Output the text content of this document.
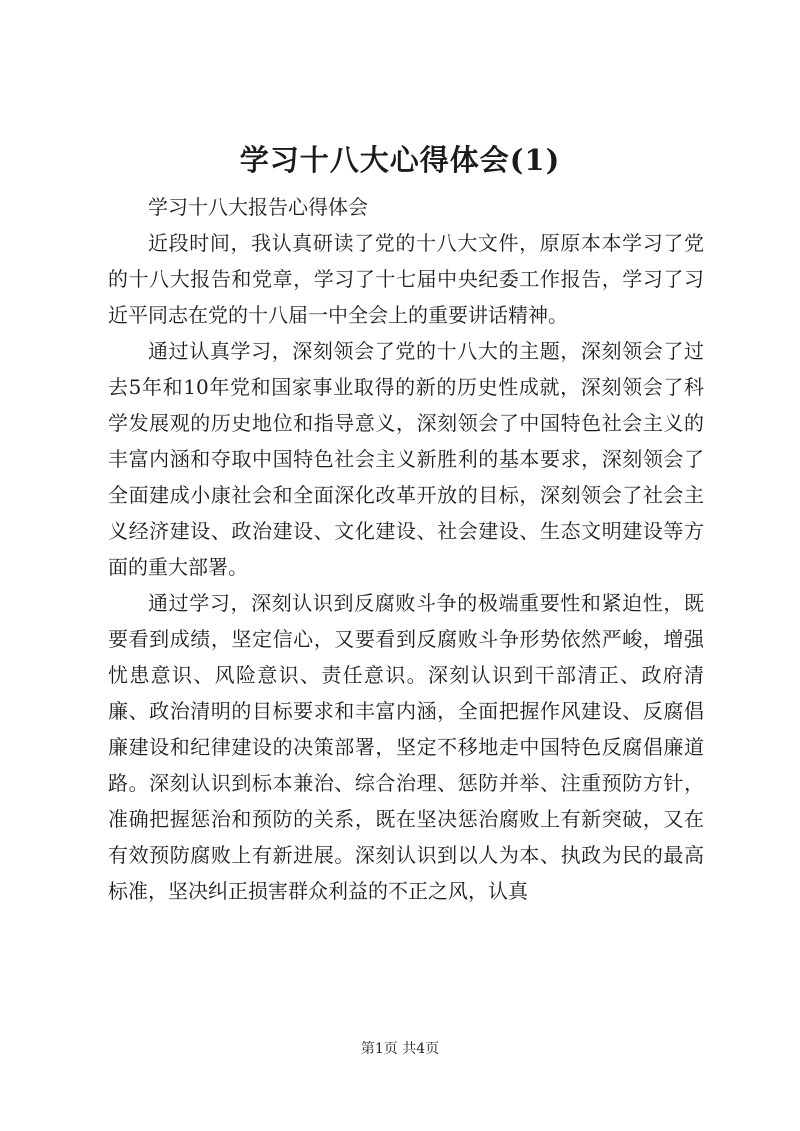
学习十八大心得体会(1)

学习十八大报告心得体会

近段时间，我认真研读了党的十八大文件，原原本本学习了党的十八大报告和党章，学习了十七届中央纪委工作报告，学习了习近平同志在党的十八届一中全会上的重要讲话精神。

通过认真学习，深刻领会了党的十八大的主题，深刻领会了过去5年和10年党和国家事业取得的新的历史性成就，深刻领会了科学发展观的历史地位和指导意义，深刻领会了中国特色社会主义的丰富内涵和夺取中国特色社会主义新胜利的基本要求，深刻领会了全面建成小康社会和全面深化改革开放的目标，深刻领会了社会主义经济建设、政治建设、文化建设、社会建设、生态文明建设等方面的重大部署。

通过学习，深刻认识到反腐败斗争的极端重要性和紧迫性，既要看到成绩，坚定信心，又要看到反腐败斗争形势依然严峻，增强忧患意识、风险意识、责任意识。深刻认识到干部清正、政府清廉、政治清明的目标要求和丰富内涵，全面把握作风建设、反腐倡廉建设和纪律建设的决策部署，坚定不移地走中国特色反腐倡廉道路。深刻认识到标本兼治、综合治理、惩防并举、注重预防方针，准确把握惩治和预防的关系，既在坚决惩治腐败上有新突破，又在有效预防腐败上有新进展。深刻认识到以人为本、执政为民的最高标准，坚决纠正损害群众利益的不正之风，认真

第1页 共4页
